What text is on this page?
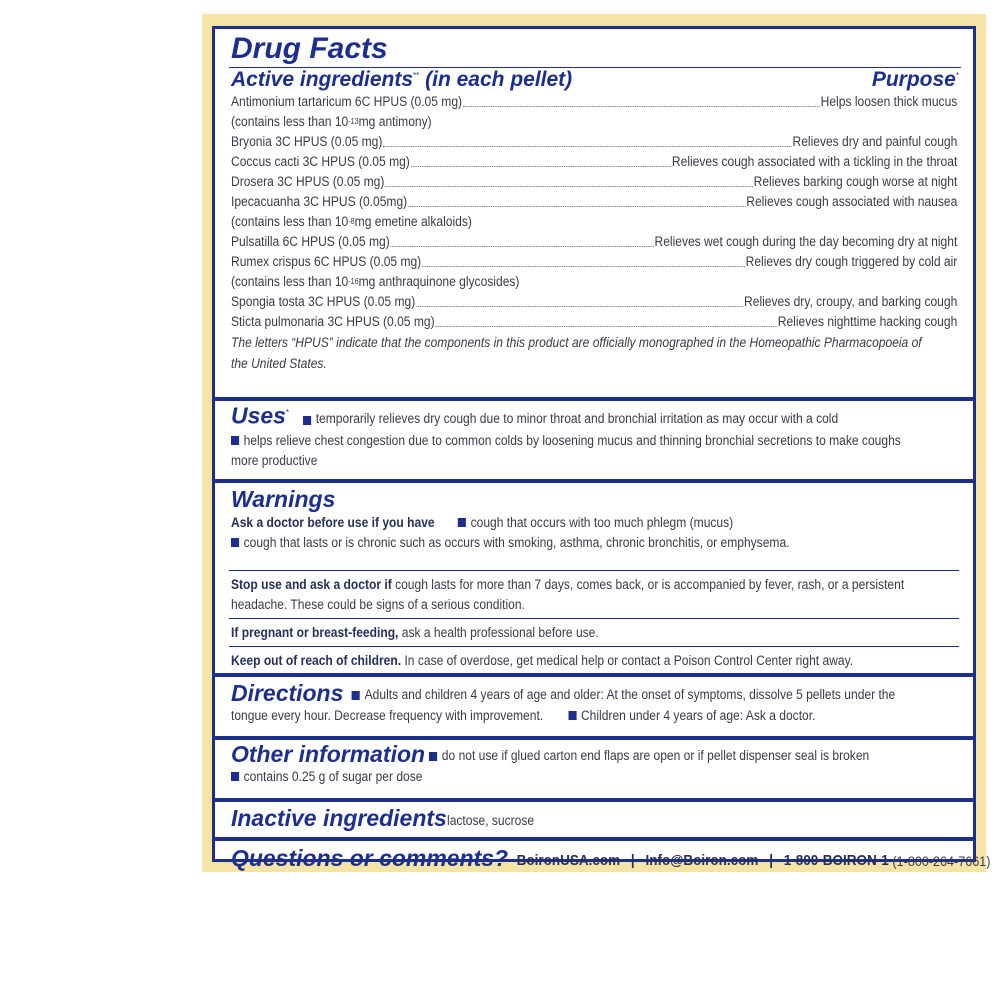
Drug Facts
Active ingredients** (in each pellet)	Purpose*
Antimonium tartaricum 6C HPUS (0.05 mg)	Helps loosen thick mucus
(contains less than 10 -13 mg antimony)
Bryonia 3C HPUS (0.05 mg)	Relieves dry and painful cough
Coccus cacti 3C HPUS (0.05 mg)	Relieves cough associated with a tickling in the throat
Drosera 3C HPUS (0.05 mg)	Relieves barking cough worse at night
Ipecacuanha 3C HPUS (0.05mg)	Relieves cough associated with nausea
(contains less than 10 -8 mg emetine alkaloids)
Pulsatilla 6C HPUS (0.05 mg)	Relieves wet cough during the day becoming dry at night
Rumex crispus 6C HPUS (0.05 mg)	Relieves dry cough triggered by cold air
(contains less than 10 -16 mg anthraquinone glycosides)
Spongia tosta 3C HPUS (0.05 mg)	Relieves dry, croupy, and barking cough
Sticta pulmonaria 3C HPUS (0.05 mg)	Relieves nighttime hacking cough
The letters “HPUS” indicate that the components in this product are officially monographed in the Homeopathic Pharmacopoeia of
the United States.
Uses* temporarily relieves dry cough due to minor throat and bronchial irritation as may occur with a cold
helps relieve chest congestion due to common colds by loosening mucus and thinning bronchial secretions to make coughs
more productive
Warnings
Ask a doctor before use if you have	cough that occurs with too much phlegm (mucus)
cough that lasts or is chronic such as occurs with smoking, asthma, chronic bronchitis, or emphysema.
Stop use and ask a doctor if cough lasts for more than 7 days, comes back, or is accompanied by fever, rash, or a persistent
headache. These could be signs of a serious condition.
If pregnant or breast-feeding, ask a health professional before use.
Keep out of reach of children. In case of overdose, get medical help or contact a Poison Control Center right away.
Directions Adults and children 4 years of age and older: At the onset of symptoms, dissolve 5 pellets under the
tongue every hour. Decrease frequency with improvement.	Children under 4 years of age: Ask a doctor.
Other information do not use if glued carton end flaps are open or if pellet dispenser seal is broken
contains 0.25 g of sugar per dose
Inactive ingredients lactose, sucrose
Questions or comments? BoironUSA.com | Info@Boiron.com | 1-800-BOIRON-1 (1-800-264-7661)
